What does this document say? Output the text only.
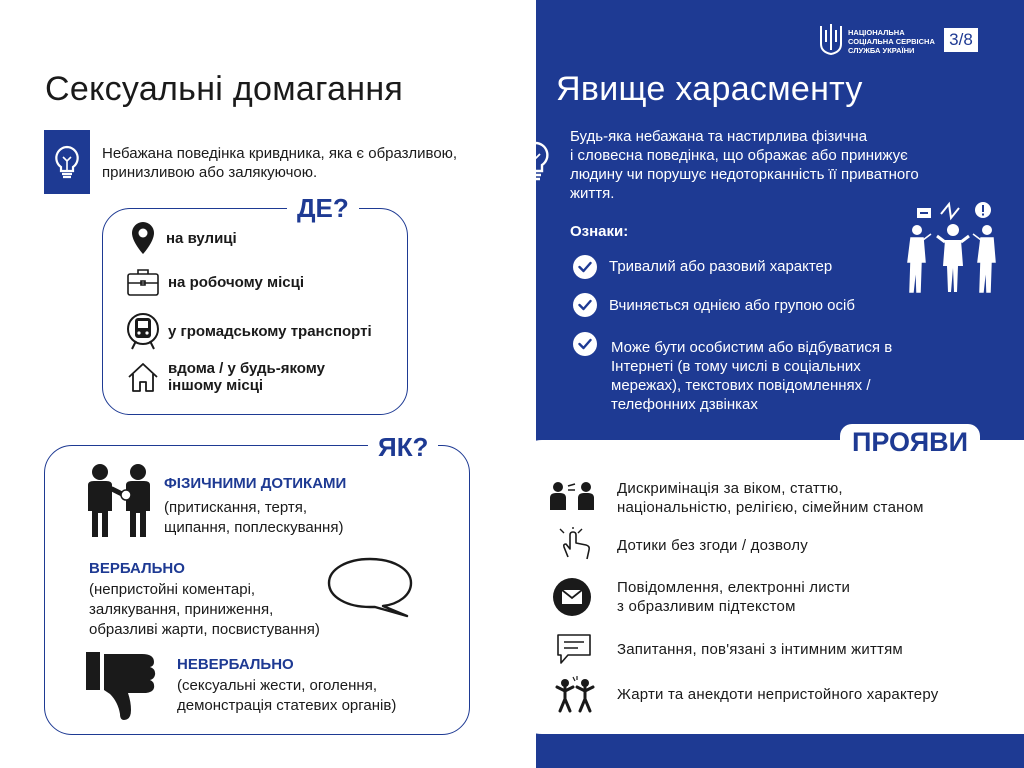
НАЦІОНАЛЬНА
СОЦІАЛЬНА СЕРВІСНА
СЛУЖБА УКРАЇНИ
3/8
Сексуальні домагання
Небажана поведінка кривдника, яка є образливою, принизливою або залякуючою.
ДЕ?
на вулиці
на робочому місці
у громадському транспорті
вдома / у будь-якому
іншому місці
ЯК?
ФІЗИЧНИМИ ДОТИКАМИ
(притискання, тертя,
щипання, поплескування)
ВЕРБАЛЬНО
(непристойні коментарі,
залякування, приниження,
образливі жарти, посвистування)
НЕВЕРБАЛЬНО
(сексуальні жести, оголення,
демонстрація статевих органів)
Явище харасменту
Будь-яка небажана та настирлива фізична
і словесна поведінка, що ображає або принижує
людину чи порушує недоторканність її приватного
життя.
Ознаки:
Тривалий або разовий характер
Вчиняється однією або групою осіб
Може бути особистим або відбуватися в
Інтернеті (в тому числі в соціальних
мережах), текстових повідомленнях /
телефонних дзвінках
ПРОЯВИ
Дискримінація за віком, статтю,
національністю, релігією, сімейним станом
Дотики без згоди / дозволу
Повідомлення, електронні листи
з образливим підтекстом
Запитання, пов'язані з інтимним життям
Жарти та анекдоти непристойного характеру
